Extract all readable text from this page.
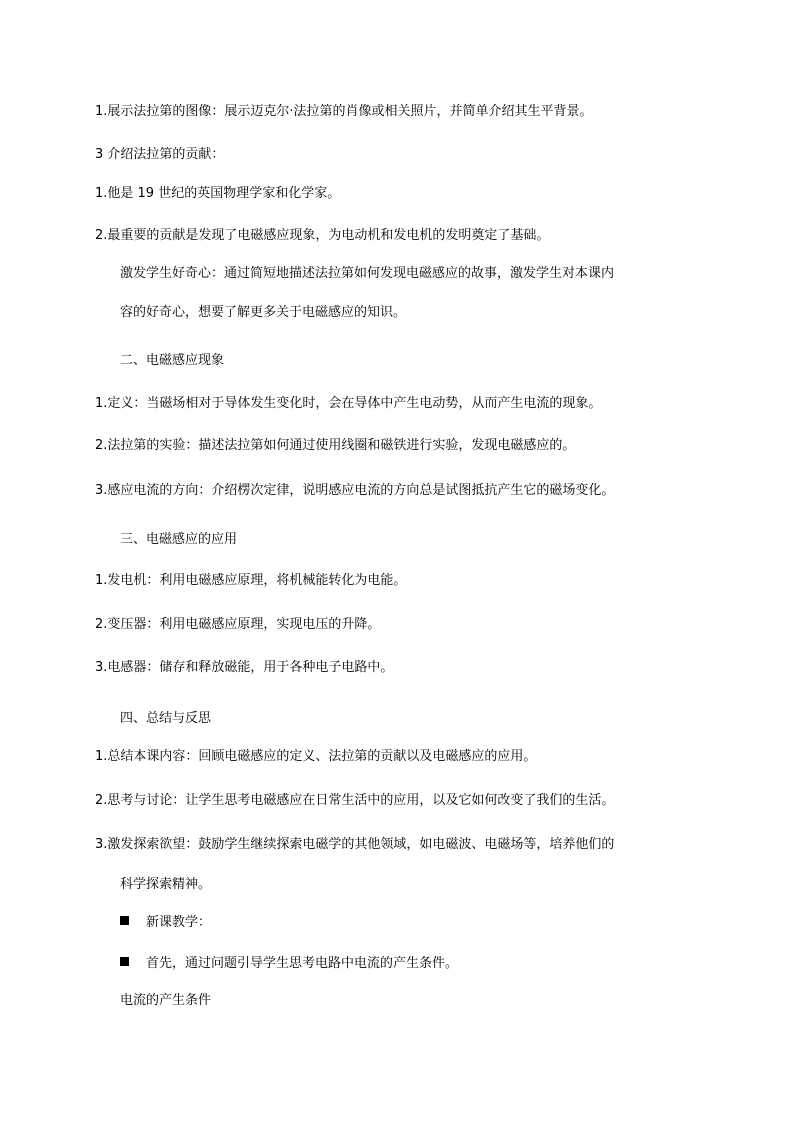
1.展示法拉第的图像：展示迈克尔·法拉第的肖像或相关照片，并简单介绍其生平背景。
3 介绍法拉第的贡献：
1.他是 19 世纪的英国物理学家和化学家。
2.最重要的贡献是发现了电磁感应现象，为电动机和发电机的发明奠定了基础。
激发学生好奇心：通过简短地描述法拉第如何发现电磁感应的故事，激发学生对本课内
容的好奇心，想要了解更多关于电磁感应的知识。
二、电磁感应现象
1.定义：当磁场相对于导体发生变化时，会在导体中产生电动势，从而产生电流的现象。
2.法拉第的实验：描述法拉第如何通过使用线圈和磁铁进行实验，发现电磁感应的。
3.感应电流的方向：介绍楞次定律，说明感应电流的方向总是试图抵抗产生它的磁场变化。
三、电磁感应的应用
1.发电机：利用电磁感应原理，将机械能转化为电能。
2.变压器：利用电磁感应原理，实现电压的升降。
3.电感器：储存和释放磁能，用于各种电子电路中。
四、总结与反思
1.总结本课内容：回顾电磁感应的定义、法拉第的贡献以及电磁感应的应用。
2.思考与讨论：让学生思考电磁感应在日常生活中的应用，以及它如何改变了我们的生活。
3.激发探索欲望：鼓励学生继续探索电磁学的其他领域，如电磁波、电磁场等，培养他们的
科学探索精神。
新课教学：
首先，通过问题引导学生思考电路中电流的产生条件。
电流的产生条件
